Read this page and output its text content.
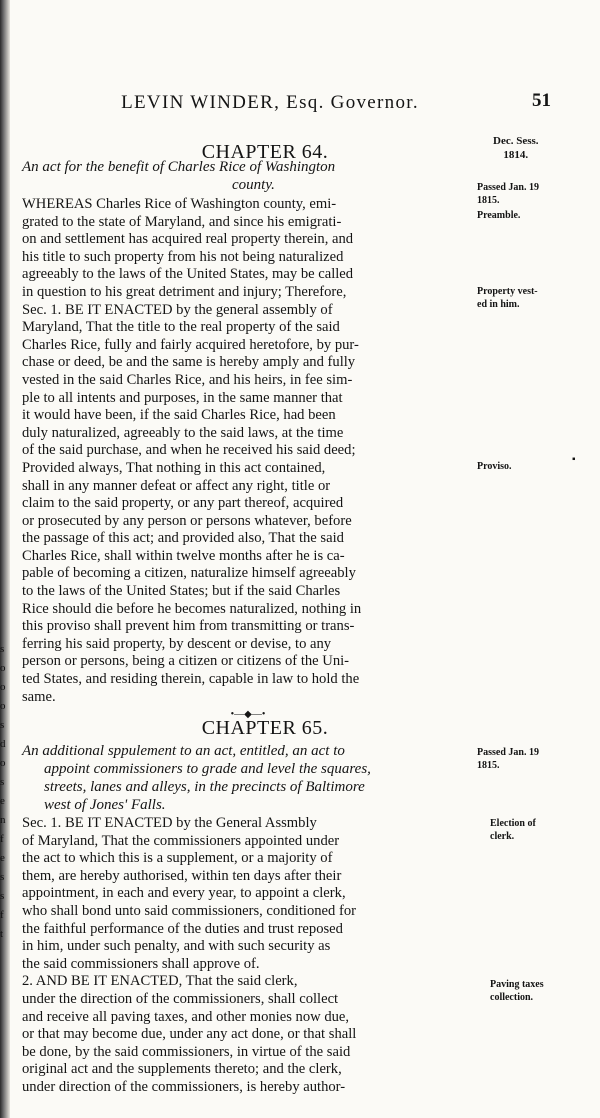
s
o
o
o
s
d
o
s
e
n
f
e
s
s
f
t
LEVIN WINDER, Esq. Governor.	51
Dec. Sess.
1814.
CHAPTER 64.
An act for the benefit of Charles Rice of Washington
county.
WHEREAS Charles Rice of Washington county, emi-
grated to the state of Maryland, and since his emigrati-
on and settlement has acquired real property therein, and
his title to such property from his not being naturalized
agreeably to the laws of the United States, may be called
in question to his great detriment and injury; Therefore,
Sec. 1. BE IT ENACTED by the general assembly of
Maryland, That the title to the real property of the said
Charles Rice, fully and fairly acquired heretofore, by pur-
chase or deed, be and the same is hereby amply and fully
vested in the said Charles Rice, and his heirs, in fee sim-
ple to all intents and purposes, in the same manner that
it would have been, if the said Charles Rice, had been
duly naturalized, agreeably to the said laws, at the time
of the said purchase, and when he received his said deed;
Provided always, That nothing in this act contained,
shall in any manner defeat or affect any right, title or
claim to the said property, or any part thereof, acquired
or prosecuted by any person or persons whatever, before
the passage of this act; and provided also, That the said
Charles Rice, shall within twelve months after he is ca-
pable of becoming a citizen, naturalize himself agreeably
to the laws of the United States; but if the said Charles
Rice should die before he becomes naturalized, nothing in
this proviso shall prevent him from transmitting or trans-
ferring his said property, by descent or devise, to any
person or persons, being a citizen or citizens of the Uni-
ted States, and residing therein, capable in law to hold the
same.
Passed Jan. 19
1815.
Preamble.
Property vest-
ed in him.
Proviso.
▪
•—◆—•
CHAPTER 65.
An additional sppulement to an act, entitled, an act to
appoint commissioners to grade and level the squares,
streets, lanes and alleys, in the precincts of Baltimore
west of Jones' Falls.
Sec. 1. BE IT ENACTED by the General Assmbly
of Maryland, That the commissioners appointed under
the act to which this is a supplement, or a majority of
them, are hereby authorised, within ten days after their
appointment, in each and every year, to appoint a clerk,
who shall bond unto said commissioners, conditioned for
the faithful performance of the duties and trust reposed
in him, under such penalty, and with such security as
the said commissioners shall approve of.
2. AND BE IT ENACTED, That the said clerk,
under the direction of the commissioners, shall collect
and receive all paving taxes, and other monies now due,
or that may become due, under any act done, or that shall
be done, by the said commissioners, in virtue of the said
original act and the supplements thereto; and the clerk,
under direction of the commissioners, is hereby author-
Passed Jan. 19
1815.
Election of
clerk.
Paving taxes
collection.
